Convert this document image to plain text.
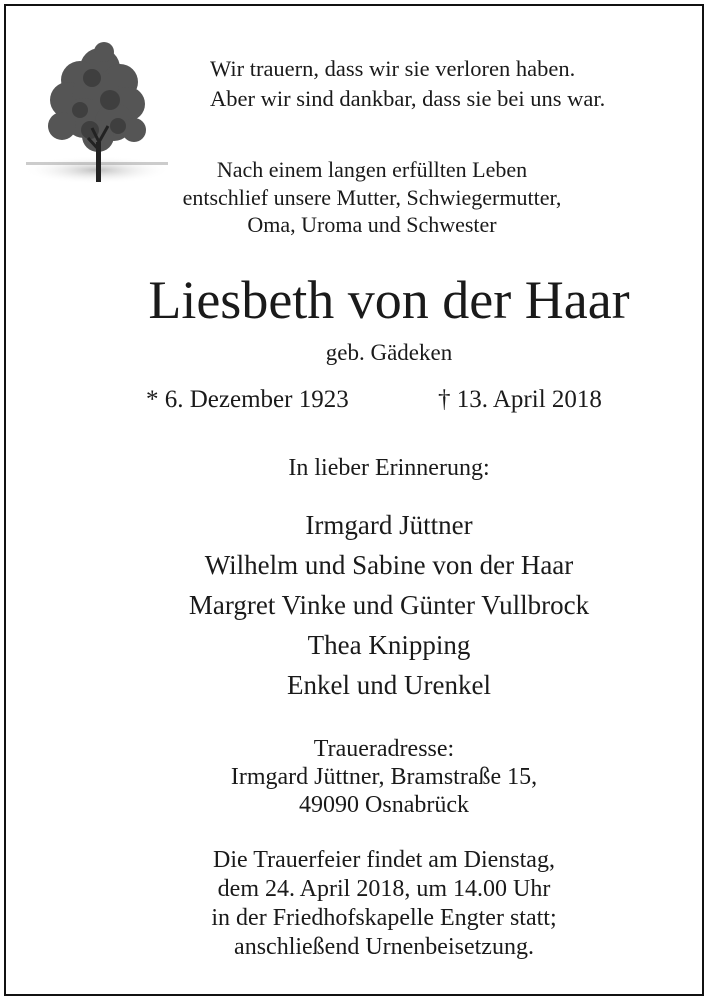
Wir trauern, dass wir sie verloren haben.
Aber wir sind dankbar, dass sie bei uns war.
Nach einem langen erfüllten Leben
entschlief unsere Mutter, Schwiegermutter,
Oma, Uroma und Schwester
Liesbeth von der Haar
geb. Gädeken
* 6. Dezember 1923	† 13. April 2018
In lieber Erinnerung:
Irmgard Jüttner
Wilhelm und Sabine von der Haar
Margret Vinke und Günter Vullbrock
Thea Knipping
Enkel und Urenkel
Traueradresse:
Irmgard Jüttner, Bramstraße 15,
49090 Osnabrück
Die Trauerfeier findet am Dienstag,
dem 24. April 2018, um 14.00 Uhr
in der Friedhofskapelle Engter statt;
anschließend Urnenbeisetzung.
